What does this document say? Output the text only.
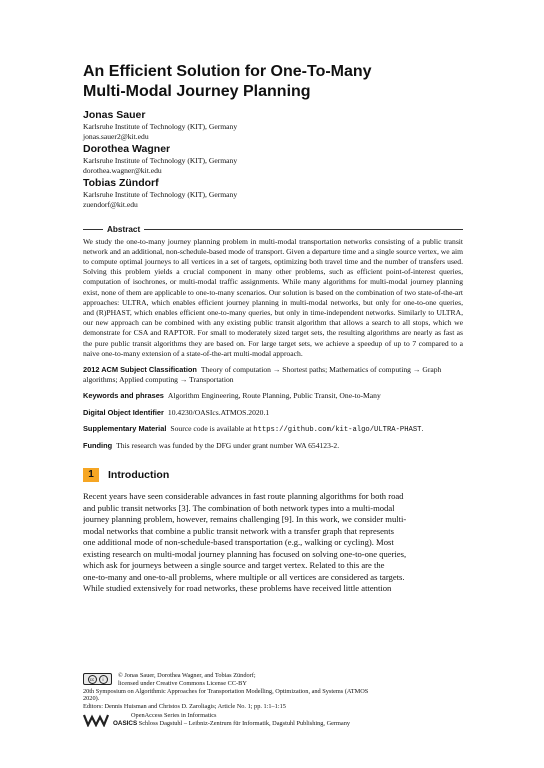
An Efficient Solution for One-To-Many
Multi-Modal Journey Planning
Jonas Sauer
Karlsruhe Institute of Technology (KIT), Germany
jonas.sauer2@kit.edu
Dorothea Wagner
Karlsruhe Institute of Technology (KIT), Germany
dorothea.wagner@kit.edu
Tobias Zündorf
Karlsruhe Institute of Technology (KIT), Germany
zuendorf@kit.edu
Abstract
We study the one-to-many journey planning problem in multi-modal transportation networks consisting of a public transit network and an additional, non-schedule-based mode of transport. Given a departure time and a single source vertex, we aim to compute optimal journeys to all vertices in a set of targets, optimizing both travel time and the number of transfers used. Solving this problem yields a crucial component in many other problems, such as efficient point-of-interest queries, computation of isochrones, or multi-modal traffic assignments. While many algorithms for multi-modal journey planning exist, none of them are applicable to one-to-many scenarios. Our solution is based on the combination of two state-of-the-art approaches: ULTRA, which enables efficient journey planning in multi-modal networks, but only for one-to-one queries, and (R)PHAST, which enables efficient one-to-many queries, but only in time-independent networks. Similarly to ULTRA, our new approach can be combined with any existing public transit algorithm that allows a search to all stops, which we demonstrate for CSA and RAPTOR. For small to moderately sized target sets, the resulting algorithms are nearly as fast as the pure public transit algorithms they are based on. For large target sets, we achieve a speedup of up to 7 compared to a naive one-to-many extension of a state-of-the-art multi-modal approach.
2012 ACM Subject Classification Theory of computation → Shortest paths; Mathematics of computing → Graph algorithms; Applied computing → Transportation
Keywords and phrases Algorithm Engineering, Route Planning, Public Transit, One-to-Many
Digital Object Identifier 10.4230/OASIcs.ATMOS.2020.1
Supplementary Material Source code is available at https://github.com/kit-algo/ULTRA-PHAST.
Funding This research was funded by the DFG under grant number WA 654123-2.
1	Introduction
Recent years have seen considerable advances in fast route planning algorithms for both road
and public transit networks [3]. The combination of both network types into a multi-modal
journey planning problem, however, remains challenging [9]. In this work, we consider multi-
modal networks that combine a public transit network with a transfer graph that represents
one additional mode of non-schedule-based transportation (e.g., walking or cycling). Most
existing research on multi-modal journey planning has focused on solving one-to-one queries,
which ask for journeys between a single source and target vertex. Related to this are the
one-to-many and one-to-all problems, where multiple or all vertices are considered as targets.
While studied extensively for road networks, these problems have received little attention
cc	i	© Jonas Sauer, Dorothea Wagner, and Tobias Zündorf;
licensed under Creative Commons License CC-BY
20th Symposium on Algorithmic Approaches for Transportation Modelling, Optimization, and Systems (ATMOS
2020).
Editors: Dennis Huisman and Christos D. Zaroliagis; Article No. 1; pp. 1:1–1:15
OpenAccess Series in Informatics
OASICS Schloss Dagstuhl – Leibniz-Zentrum für Informatik, Dagstuhl Publishing, Germany
